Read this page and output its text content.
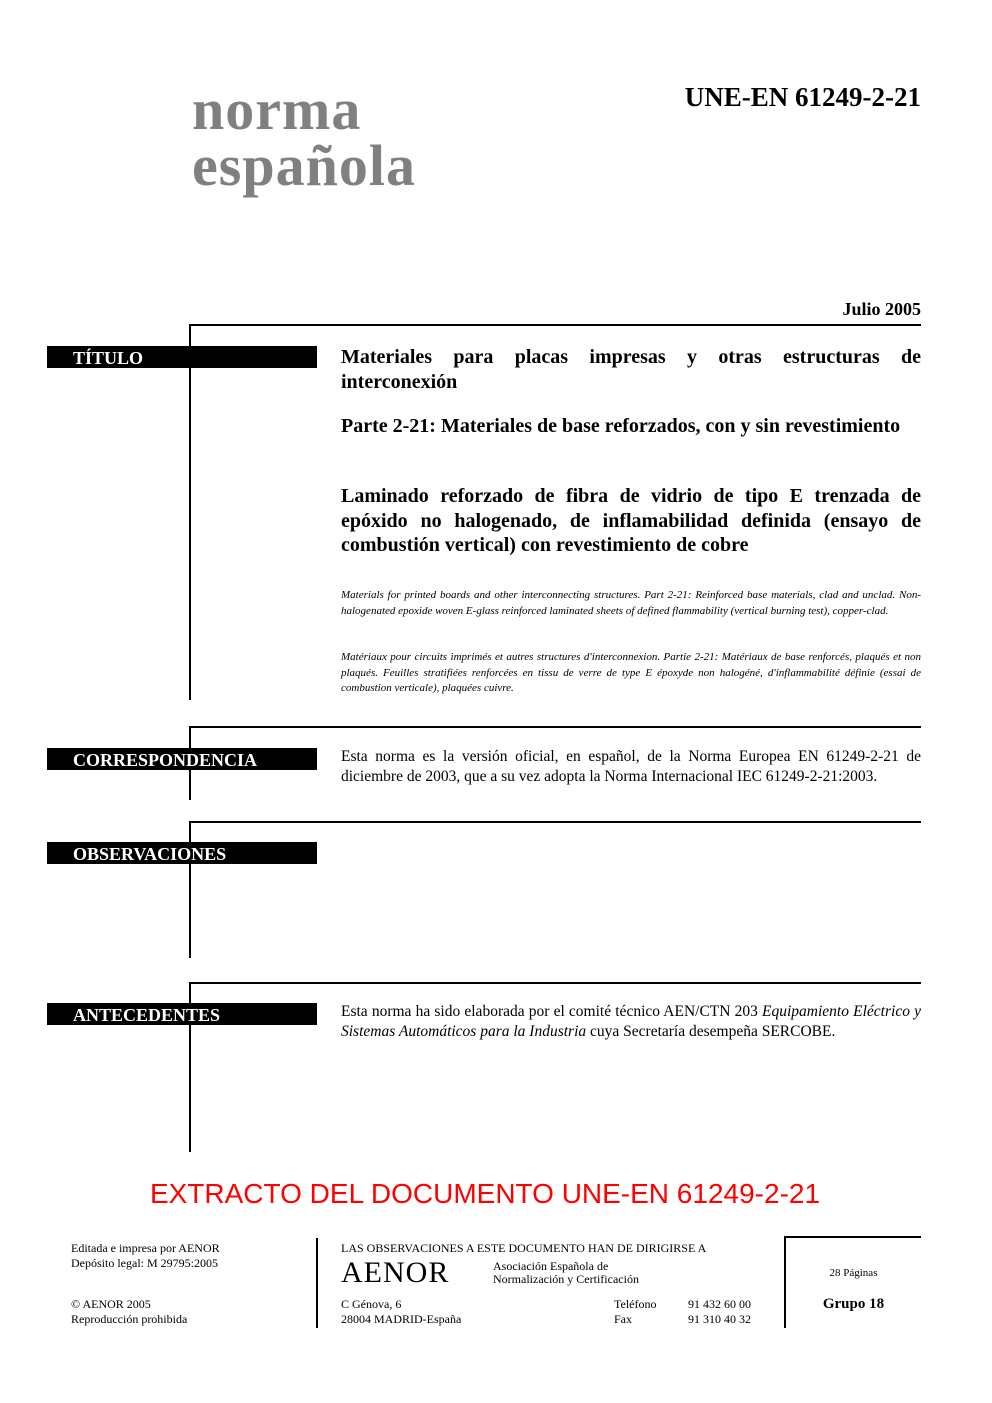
norma
española
UNE-EN 61249-2-21
Julio 2005
TÍTULO	Materiales para placas impresas y otras estructuras de interconexión

Parte 2-21: Materiales de base reforzados, con y sin revestimiento

Laminado reforzado de fibra de vidrio de tipo E trenzada de epóxido no halogenado, de inflamabilidad definida (ensayo de combustión vertical) con revestimiento de cobre

Materials for printed boards and other interconnecting structures. Part 2-21: Reinforced base materials, clad and unclad. Non-halogenated epoxide woven E-glass reinforced laminated sheets of defined flammability (vertical burning test), copper-clad.

Matériaux pour circuits imprimés et autres structures d'interconnexion. Partie 2-21: Matériaux de base renforcés, plaqués et non plaqués. Feuilles stratifiées renforcées en tissu de verre de type E époxyde non halogéné, d'inflammabilité définie (essai de combustion verticale), plaquées cuivre.

CORRESPONDENCIA	Esta norma es la versión oficial, en español, de la Norma Europea EN 61249-2-21 de diciembre de 2003, que a su vez adopta la Norma Internacional IEC 61249-2-21:2003.

OBSERVACIONES
ANTECEDENTES	Esta norma ha sido elaborada por el comité técnico AEN/CTN 203 Equipamiento Eléctrico y Sistemas Automáticos para la Industria cuya Secretaría desempeña SERCOBE.

EXTRACTO DEL DOCUMENTO UNE-EN 61249-2-21
Editada e impresa por AENOR
Depósito legal: M 29795:2005
© AENOR 2005
Reproducción prohibida
LAS OBSERVACIONES A ESTE DOCUMENTO HAN DE DIRIGIRSE A
AENOR	Asociación Española de
Normalización y Certificación
C Génova, 6
28004 MADRID-España
Teléfono	91 432 60 00
Fax	91 310 40 32
28 Páginas
Grupo 18
